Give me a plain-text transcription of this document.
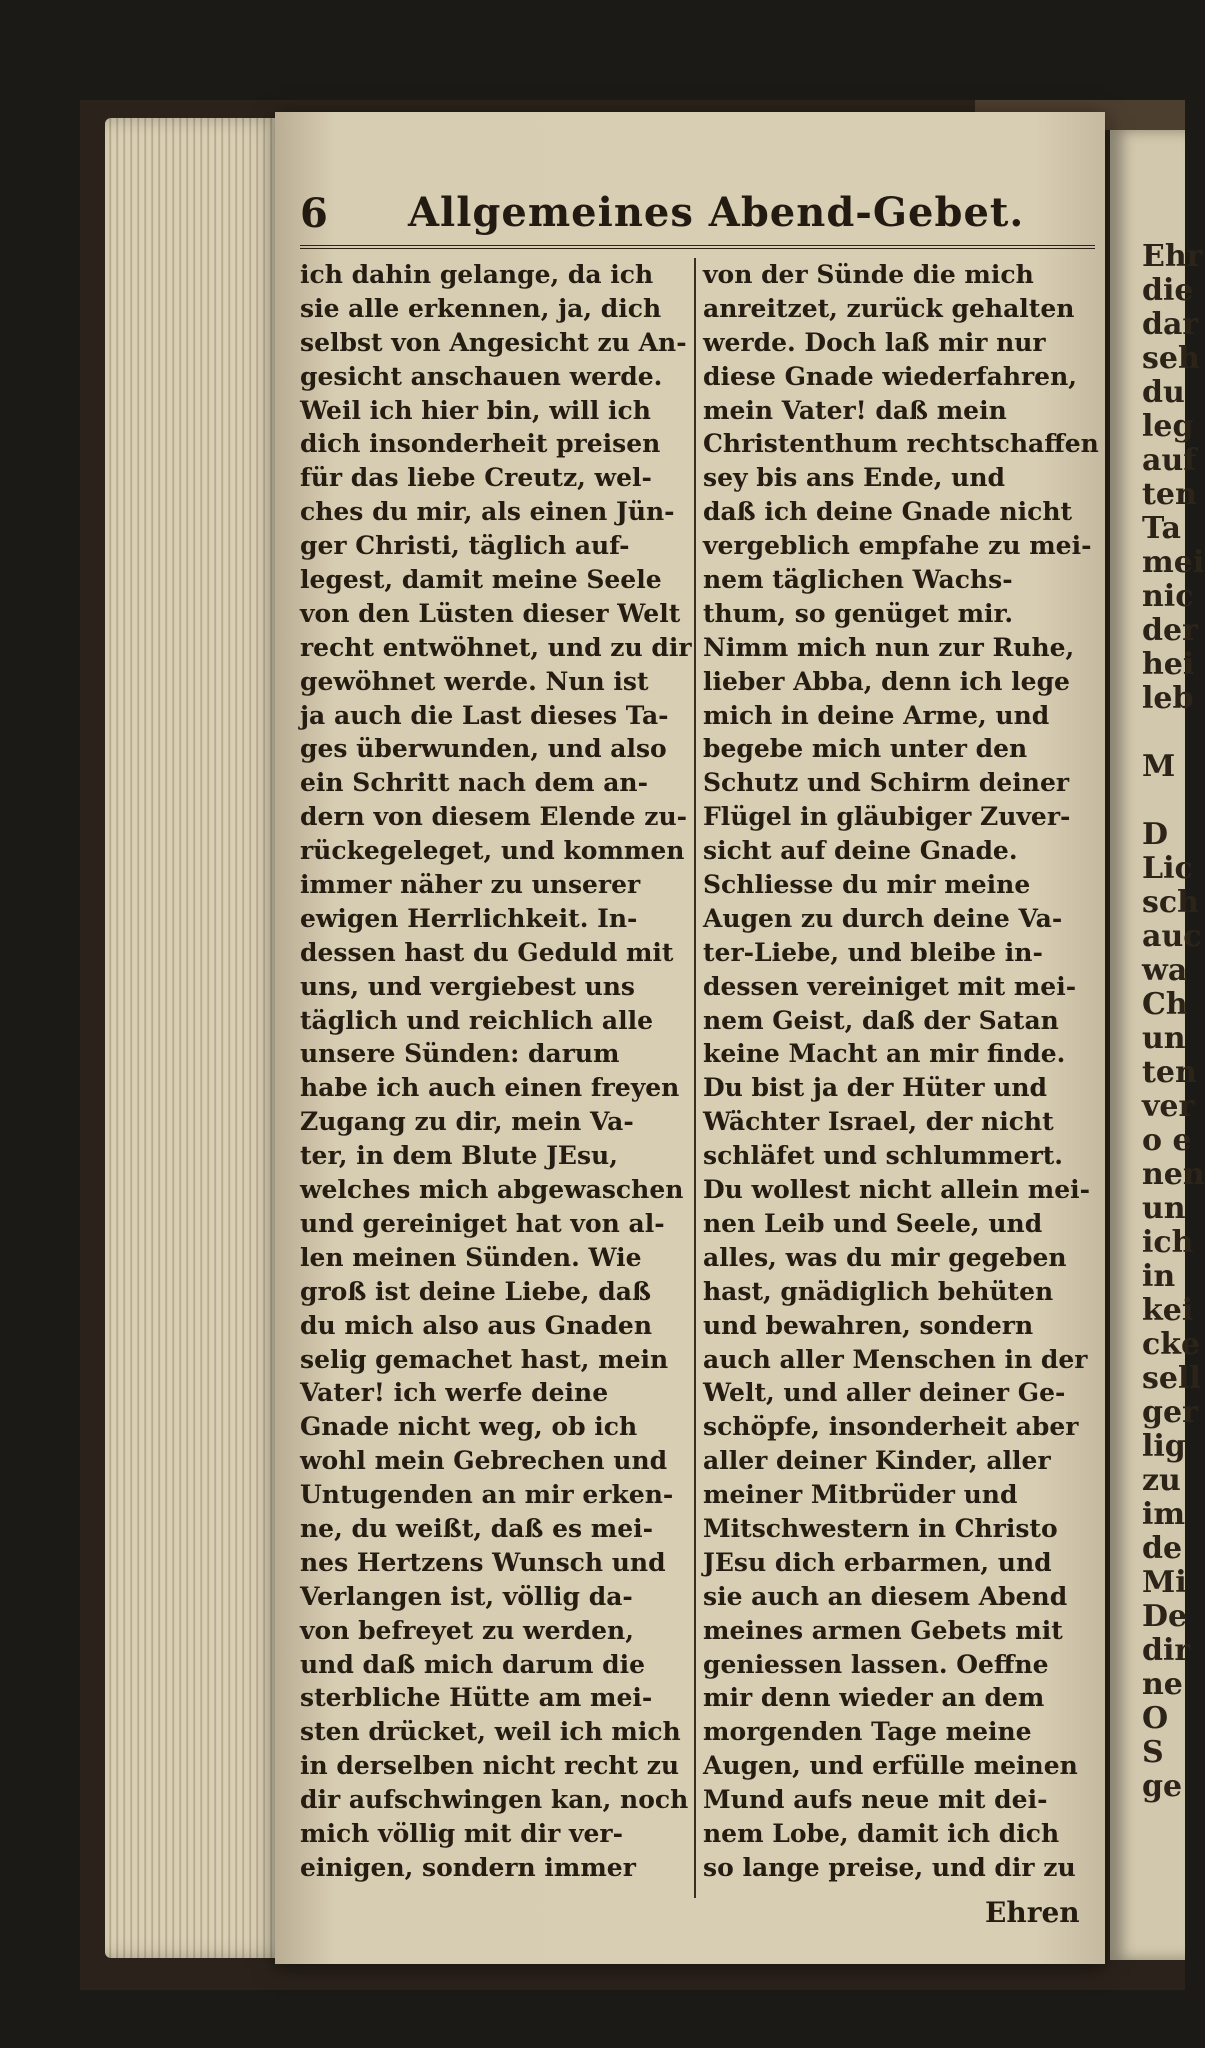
Ehr
die
dar
seh
du
leg
auf
ten
Ta
mei
nic
der
hei
leb

M

D
Lic
sch
auc
wa
Ch
un
ten
ver
o e
nen
un
ich
in
kei
cke
sell
ger
lig
zu
im
de
Mi
De
dir
ne
O
S
ge
6 Allgemeines Abend-Gebet.
ich dahin gelange, da ich
sie alle erkennen, ja, dich
selbst von Angesicht zu An-
gesicht anschauen werde.
Weil ich hier bin, will ich
dich insonderheit preisen
für das liebe Creutz, wel-
ches du mir, als einen Jün-
ger Christi, täglich auf-
legest, damit meine Seele
von den Lüsten dieser Welt
recht entwöhnet, und zu dir
gewöhnet werde. Nun ist
ja auch die Last dieses Ta-
ges überwunden, und also
ein Schritt nach dem an-
dern von diesem Elende zu-
rückegeleget, und kommen
immer näher zu unserer
ewigen Herrlichkeit. In-
dessen hast du Geduld mit
uns, und vergiebest uns
täglich und reichlich alle
unsere Sünden: darum
habe ich auch einen freyen
Zugang zu dir, mein Va-
ter, in dem Blute JEsu,
welches mich abgewaschen
und gereiniget hat von al-
len meinen Sünden. Wie
groß ist deine Liebe, daß
du mich also aus Gnaden
selig gemachet hast, mein
Vater! ich werfe deine
Gnade nicht weg, ob ich
wohl mein Gebrechen und
Untugenden an mir erken-
ne, du weißt, daß es mei-
nes Hertzens Wunsch und
Verlangen ist, völlig da-
von befreyet zu werden,
und daß mich darum die
sterbliche Hütte am mei-
sten drücket, weil ich mich
in derselben nicht recht zu
dir aufschwingen kan, noch
mich völlig mit dir ver-
einigen, sondern immer
von der Sünde die mich
anreitzet, zurück gehalten
werde. Doch laß mir nur
diese Gnade wiederfahren,
mein Vater! daß mein
Christenthum rechtschaffen
sey bis ans Ende, und
daß ich deine Gnade nicht
vergeblich empfahe zu mei-
nem täglichen Wachs-
thum, so genüget mir.
Nimm mich nun zur Ruhe,
lieber Abba, denn ich lege
mich in deine Arme, und
begebe mich unter den
Schutz und Schirm deiner
Flügel in gläubiger Zuver-
sicht auf deine Gnade.
Schliesse du mir meine
Augen zu durch deine Va-
ter-Liebe, und bleibe in-
dessen vereiniget mit mei-
nem Geist, daß der Satan
keine Macht an mir finde.
Du bist ja der Hüter und
Wächter Israel, der nicht
schläfet und schlummert.
Du wollest nicht allein mei-
nen Leib und Seele, und
alles, was du mir gegeben
hast, gnädiglich behüten
und bewahren, sondern
auch aller Menschen in der
Welt, und aller deiner Ge-
schöpfe, insonderheit aber
aller deiner Kinder, aller
meiner Mitbrüder und
Mitschwestern in Christo
JEsu dich erbarmen, und
sie auch an diesem Abend
meines armen Gebets mit
geniessen lassen. Oeffne
mir denn wieder an dem
morgenden Tage meine
Augen, und erfülle meinen
Mund aufs neue mit dei-
nem Lobe, damit ich dich
so lange preise, und dir zu
Ehren
